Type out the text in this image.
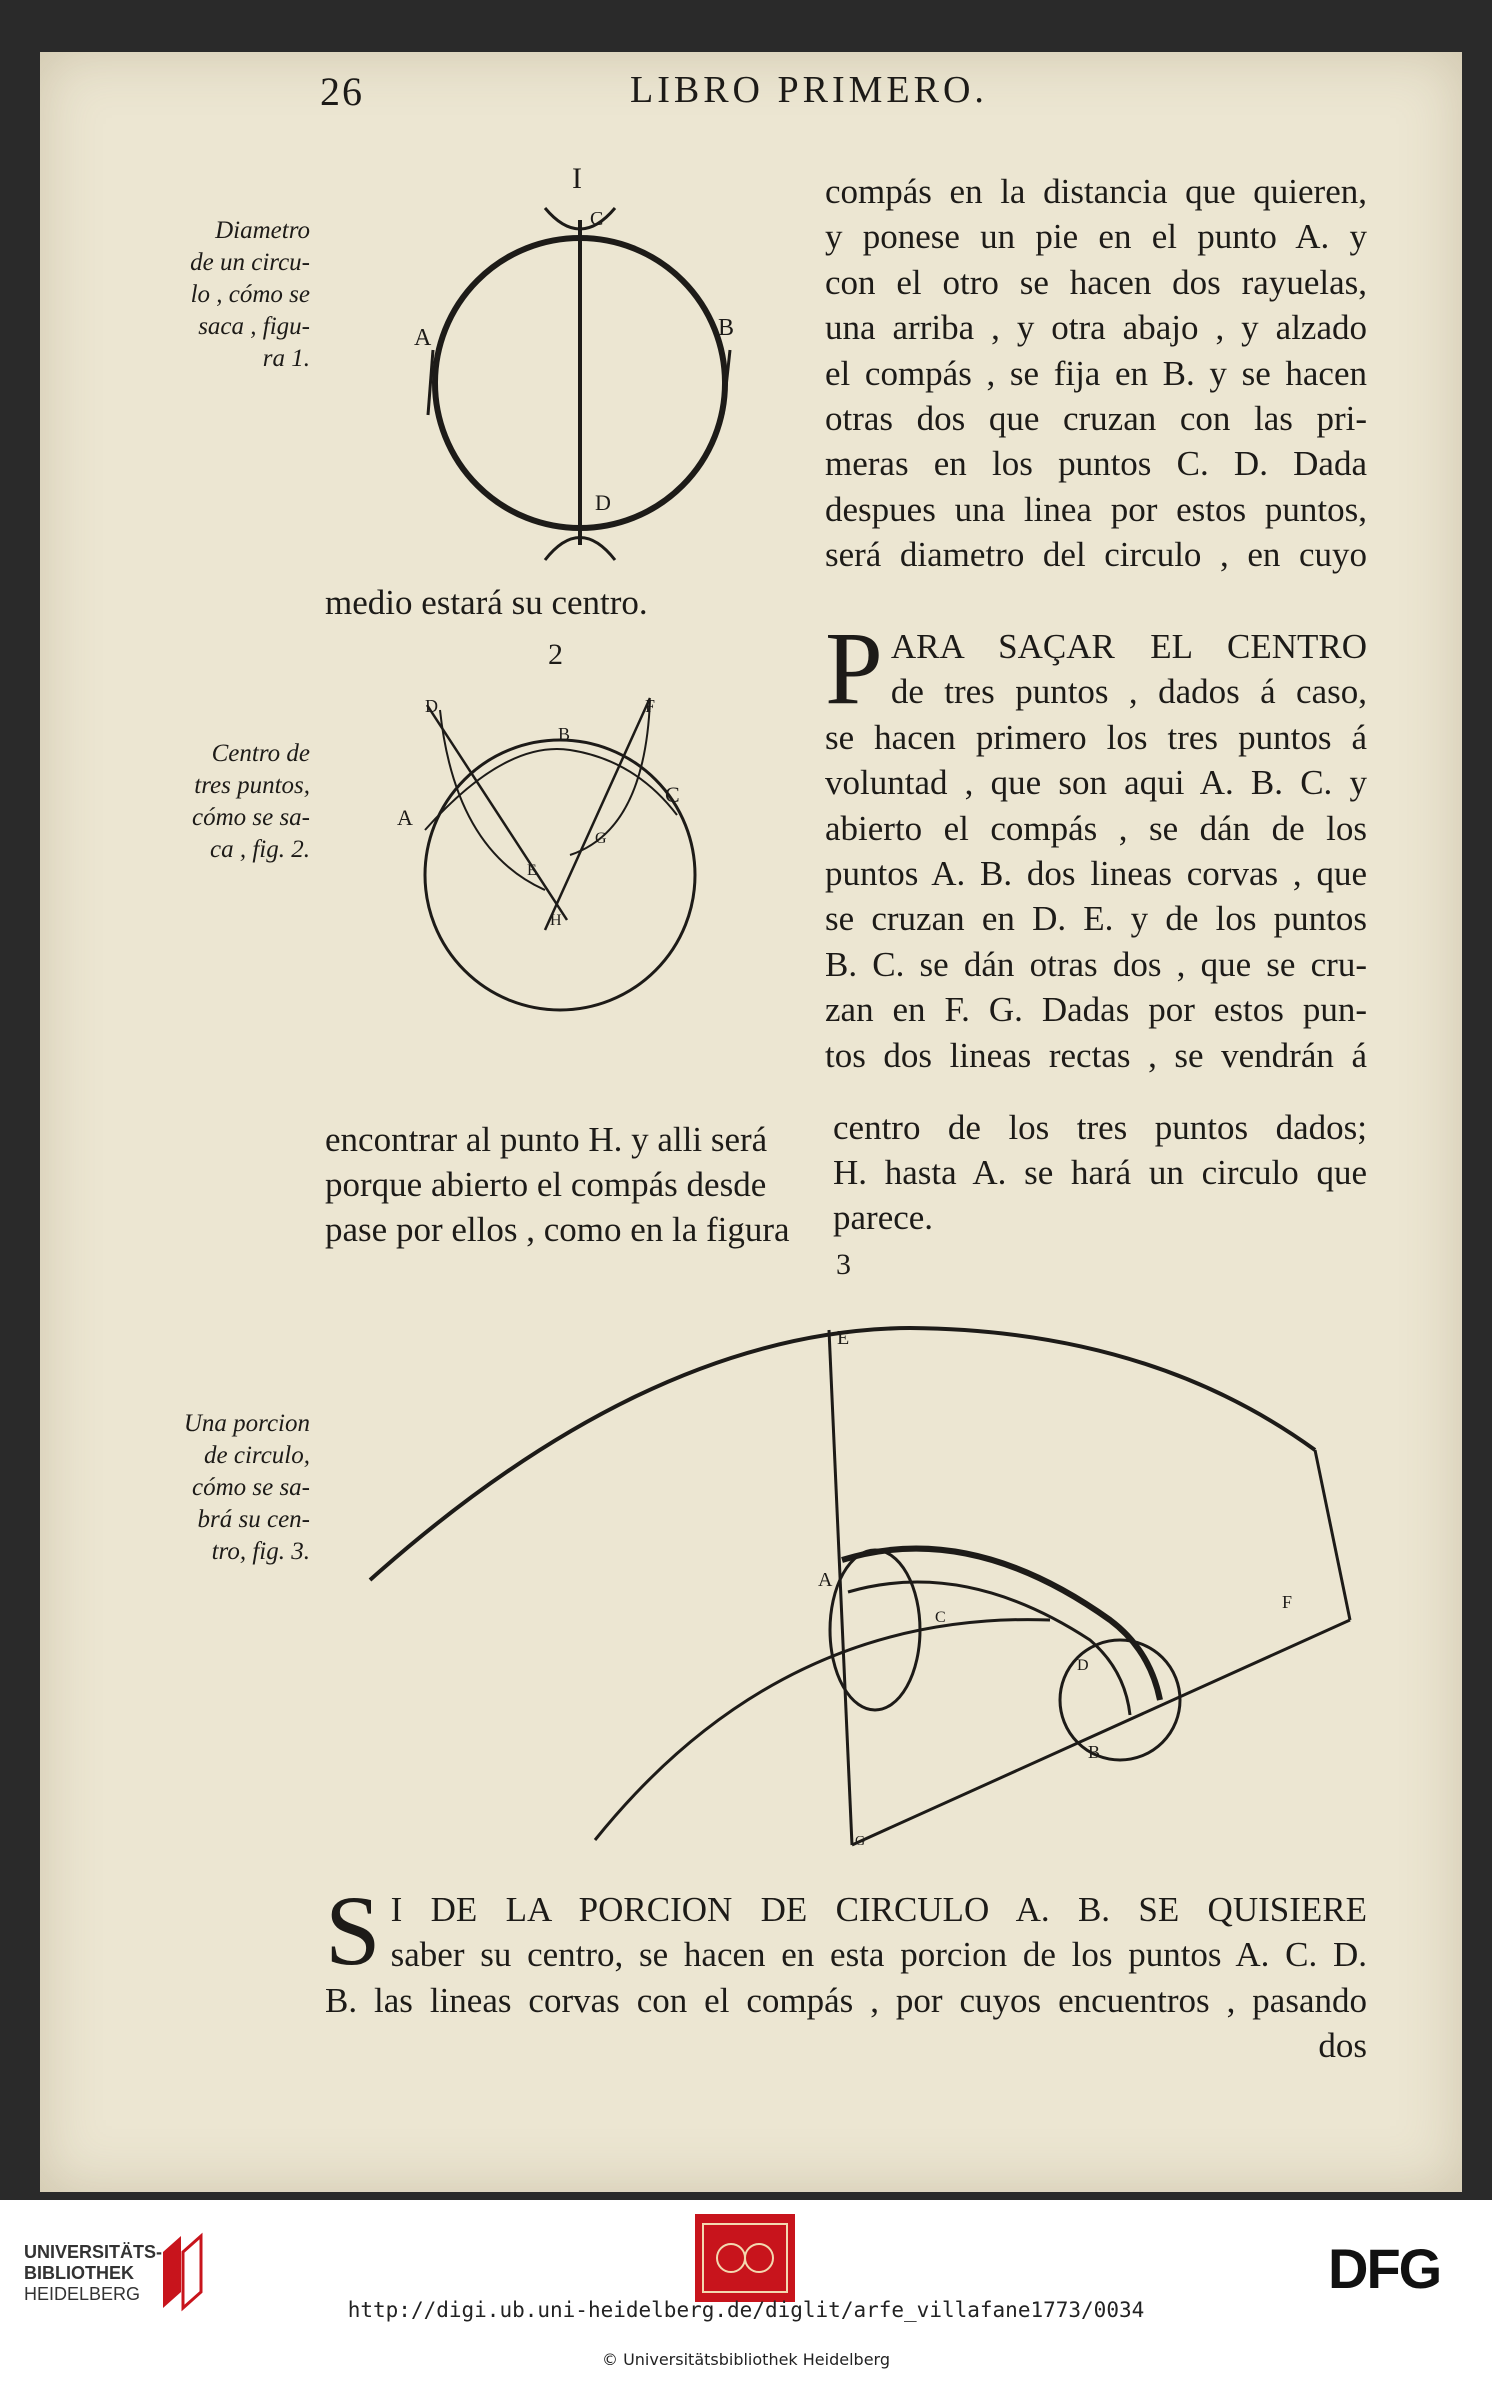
26	LIBRO PRIMERO.
Diametro
de un circu-
lo , cómo se
saca , figu-
ra 1.
I
C
A	B
D
compás en la distancia que quieren,
y ponese un pie en el punto A. y
con el otro se hacen dos rayuelas,
una arriba , y otra abajo , y alzado
el compás , se fija en B. y se hacen
otras dos que cruzan con las pri-
meras en los puntos C. D. Dada
despues una linea por estos puntos,
será diametro del circulo , en cuyo
medio estará su centro.
Centro de
tres puntos,
cómo se sa-
ca , fig. 2.
2
D	F
B
A
C
G
E
H
P ARA SAÇAR EL CENTRO
de tres puntos , dados á caso,
se hacen primero los tres puntos á
voluntad , que son aqui A. B. C. y
abierto el compás , se dán de los
puntos A. B. dos lineas corvas , que
se cruzan en D. E. y de los puntos
B. C. se dán otras dos , que se cru-
zan en F. G. Dadas por estos pun-
tos dos lineas rectas , se vendrán á
encontrar al punto H. y alli será centro de los tres puntos dados;
porque abierto el compás desde H. hasta A. se hará un circulo que
pase por ellos , como en la figura parece.
Una porcion
de circulo,
cómo se sa-
brá su cen-
tro, fig. 3.
3
E
A
C
D
B
F
G
S I DE LA PORCION DE CIRCULO A. B. SE QUISIERE
saber su centro, se hacen en esta porcion de los puntos A. C. D.
B. las lineas corvas con el compás , por cuyos encuentros , pasando
dos
UNIVERSITÄTS-
BIBLIOTHEK
HEIDELBERG	DFG
http://digi.ub.uni-heidelberg.de/diglit/arfe_villafane1773/0034
© Universitätsbibliothek Heidelberg
